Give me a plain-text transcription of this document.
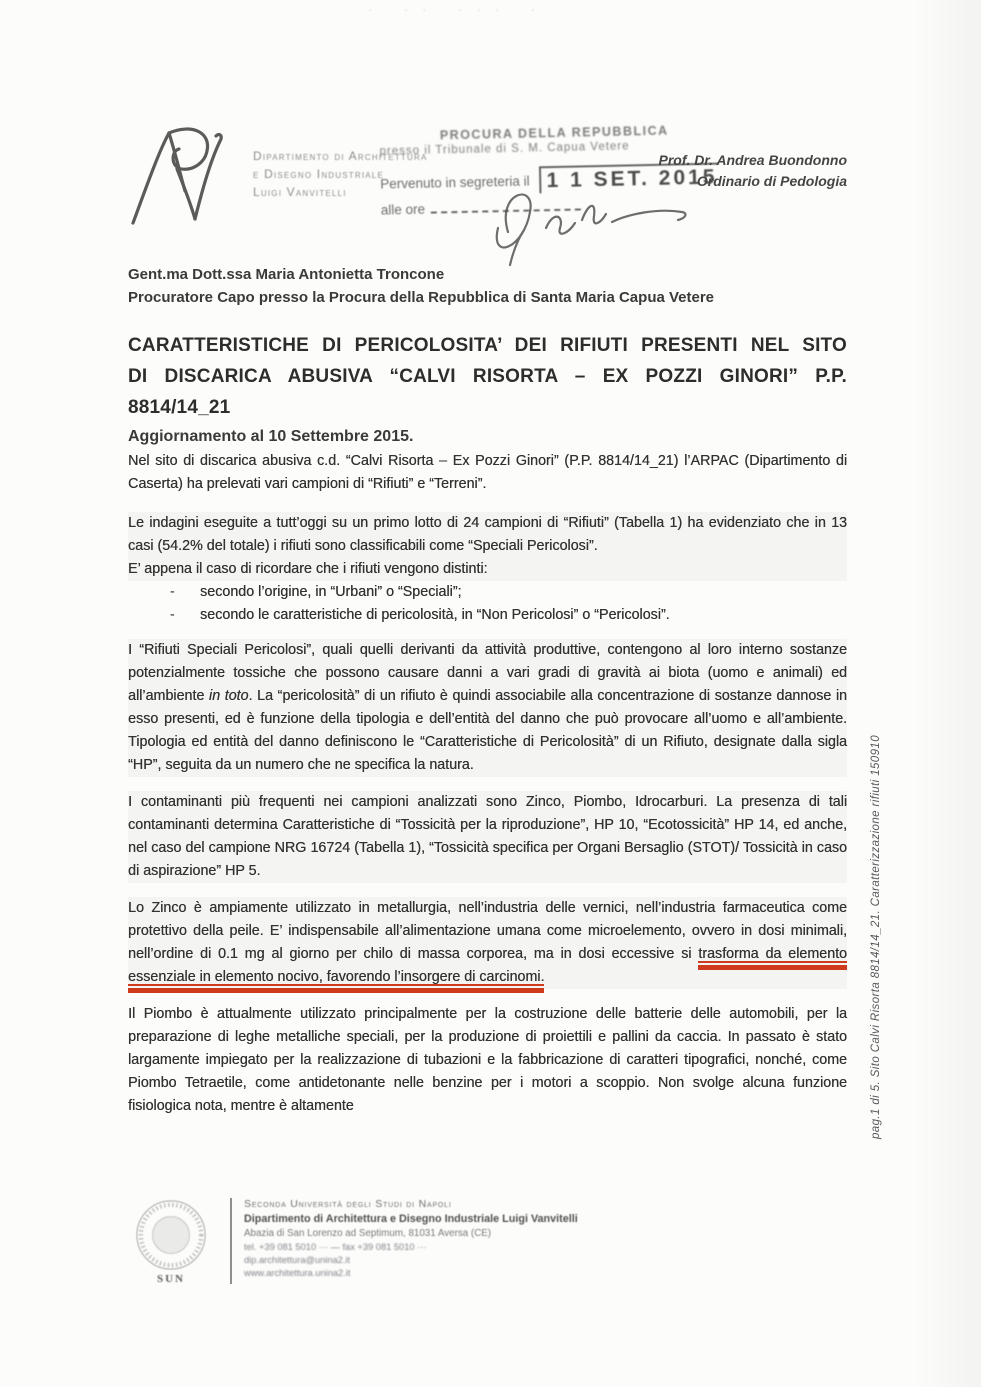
· ·· ··· ·
Dipartimento di Architettura
e Disegno Industriale
Luigi Vanvitelli
PROCURA DELLA REPUBBLICA
presso il Tribunale di S. M. Capua Vetere
Pervenuto in segreteria il 1 1 SET. 2015
alle ore
Prof. Dr. Andrea Buondonno
Ordinario di Pedologia
Gent.ma Dott.ssa Maria Antonietta Troncone
Procuratore Capo presso la Procura della Repubblica di Santa Maria Capua Vetere
CARATTERISTICHE DI PERICOLOSITA’ DEI RIFIUTI PRESENTI NEL SITO DI DISCARICA ABUSIVA “CALVI RISORTA – EX POZZI GINORI” P.P. 8814/14_21
Aggiornamento al 10 Settembre 2015.

Nel sito di discarica abusiva c.d. “Calvi Risorta – Ex Pozzi Ginori” (P.P. 8814/14_21) l’ARPAC (Dipartimento di Caserta) ha prelevati vari campioni di “Rifiuti” e “Terreni”.

Le indagini eseguite a tutt’oggi su un primo lotto di 24 campioni di “Rifiuti” (Tabella 1) ha evidenziato che in 13 casi (54.2% del totale) i rifiuti sono classificabili come “Speciali Pericolosi”.
E’ appena il caso di ricordare che i rifiuti vengono distinti:

-	secondo l’origine, in “Urbani” o “Speciali”;
-	secondo le caratteristiche di pericolosità, in “Non Pericolosi” o “Pericolosi”.

I “Rifiuti Speciali Pericolosi”, quali quelli derivanti da attività produttive, contengono al loro interno sostanze potenzialmente tossiche che possono causare danni a vari gradi di gravità ai biota (uomo e animali) ed all’ambiente in toto. La “pericolosità” di un rifiuto è quindi associabile alla concentrazione di sostanze dannose in esso presenti, ed è funzione della tipologia e dell’entità del danno che può provocare all’uomo e all’ambiente. Tipologia ed entità del danno definiscono le “Caratteristiche di Pericolosità” di un Rifiuto, designate dalla sigla “HP”, seguita da un numero che ne specifica la natura.

I contaminanti più frequenti nei campioni analizzati sono Zinco, Piombo, Idrocarburi. La presenza di tali contaminanti determina Caratteristiche di “Tossicità per la riproduzione”, HP 10, “Ecotossicità” HP 14, ed anche, nel caso del campione NRG 16724 (Tabella 1), “Tossicità specifica per Organi Bersaglio (STOT)/ Tossicità in caso di aspirazione” HP 5.

Lo Zinco è ampiamente utilizzato in metallurgia, nell’industria delle vernici, nell’industria farmaceutica come protettivo della peile. E’ indispensabile all’alimentazione umana come microelemento, ovvero in dosi minimali, nell’ordine di 0.1 mg al giorno per chilo di massa corporea, ma in dosi eccessive si trasforma da elemento essenziale in elemento nocivo, favorendo l’insorgere di carcinomi.

Il Piombo è attualmente utilizzato principalmente per la costruzione delle batterie delle automobili, per la preparazione di leghe metalliche speciali, per la produzione di proiettili e pallini da caccia. In passato è stato largamente impiegato per la realizzazione di tubazioni e la fabbricazione di caratteri tipografici, nonché, come Piombo Tetraetile, come antidetonante nelle benzine per i motori a scoppio. Non svolge alcuna funzione fisiologica nota, mentre è altamente	pag.1 di 5. Sito Calvi Risorta 8814/14_21. Caratterizzazione rifiuti 150910
SUN
Seconda Università degli Studi di Napoli
Dipartimento di Architettura e Disegno Industriale Luigi Vanvitelli
Abazia di San Lorenzo ad Septimum, 81031 Aversa (CE)
tel. +39 081 5010 ··· — fax +39 081 5010 ···
dip.architettura@unina2.it
www.architettura.unina2.it
